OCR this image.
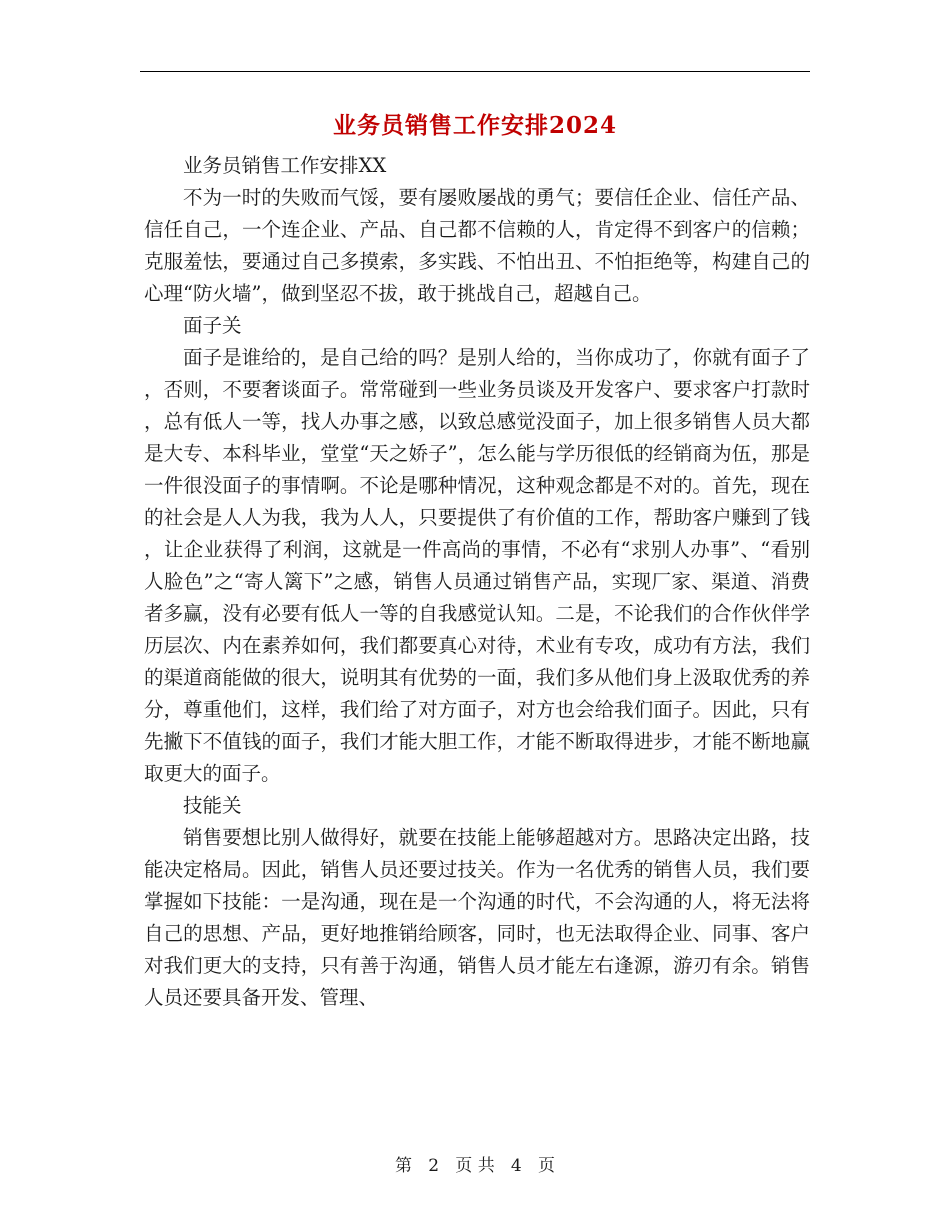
业务员销售工作安排2024

业务员销售工作安排XX

不为一时的失败而气馁，要有屡败屡战的勇气；要信任企业、信任产品、信任自己，一个连企业、产品、自己都不信赖的人，肯定得不到客户的信赖；克服羞怯，要通过自己多摸索，多实践、不怕出丑、不怕拒绝等，构建自己的心理“防火墙”，做到坚忍不拔，敢于挑战自己，超越自己。

面子关

面子是谁给的，是自己给的吗？是别人给的，当你成功了，你就有面子了，否则，不要奢谈面子。常常碰到一些业务员谈及开发客户、要求客户打款时，总有低人一等，找人办事之感，以致总感觉没面子，加上很多销售人员大都是大专、本科毕业，堂堂“天之娇子”，怎么能与学历很低的经销商为伍，那是一件很没面子的事情啊。不论是哪种情况，这种观念都是不对的。首先，现在的社会是人人为我，我为人人，只要提供了有价值的工作，帮助客户赚到了钱，让企业获得了利润，这就是一件高尚的事情，不必有“求别人办事”、“看别人脸色”之“寄人篱下”之感，销售人员通过销售产品，实现厂家、渠道、消费者多赢，没有必要有低人一等的自我感觉认知。二是，不论我们的合作伙伴学历层次、内在素养如何，我们都要真心对待，术业有专攻，成功有方法，我们的渠道商能做的很大，说明其有优势的一面，我们多从他们身上汲取优秀的养分，尊重他们，这样，我们给了对方面子，对方也会给我们面子。因此，只有先撇下不值钱的面子，我们才能大胆工作，才能不断取得进步，才能不断地赢取更大的面子。

技能关

销售要想比别人做得好，就要在技能上能够超越对方。思路决定出路，技能决定格局。因此，销售人员还要过技关。作为一名优秀的销售人员，我们要掌握如下技能：一是沟通，现在是一个沟通的时代，不会沟通的人，将无法将自己的思想、产品，更好地推销给顾客，同时，也无法取得企业、同事、客户对我们更大的支持，只有善于沟通，销售人员才能左右逢源，游刃有余。销售人员还要具备开发、管理、

第 2 页 共 4 页
